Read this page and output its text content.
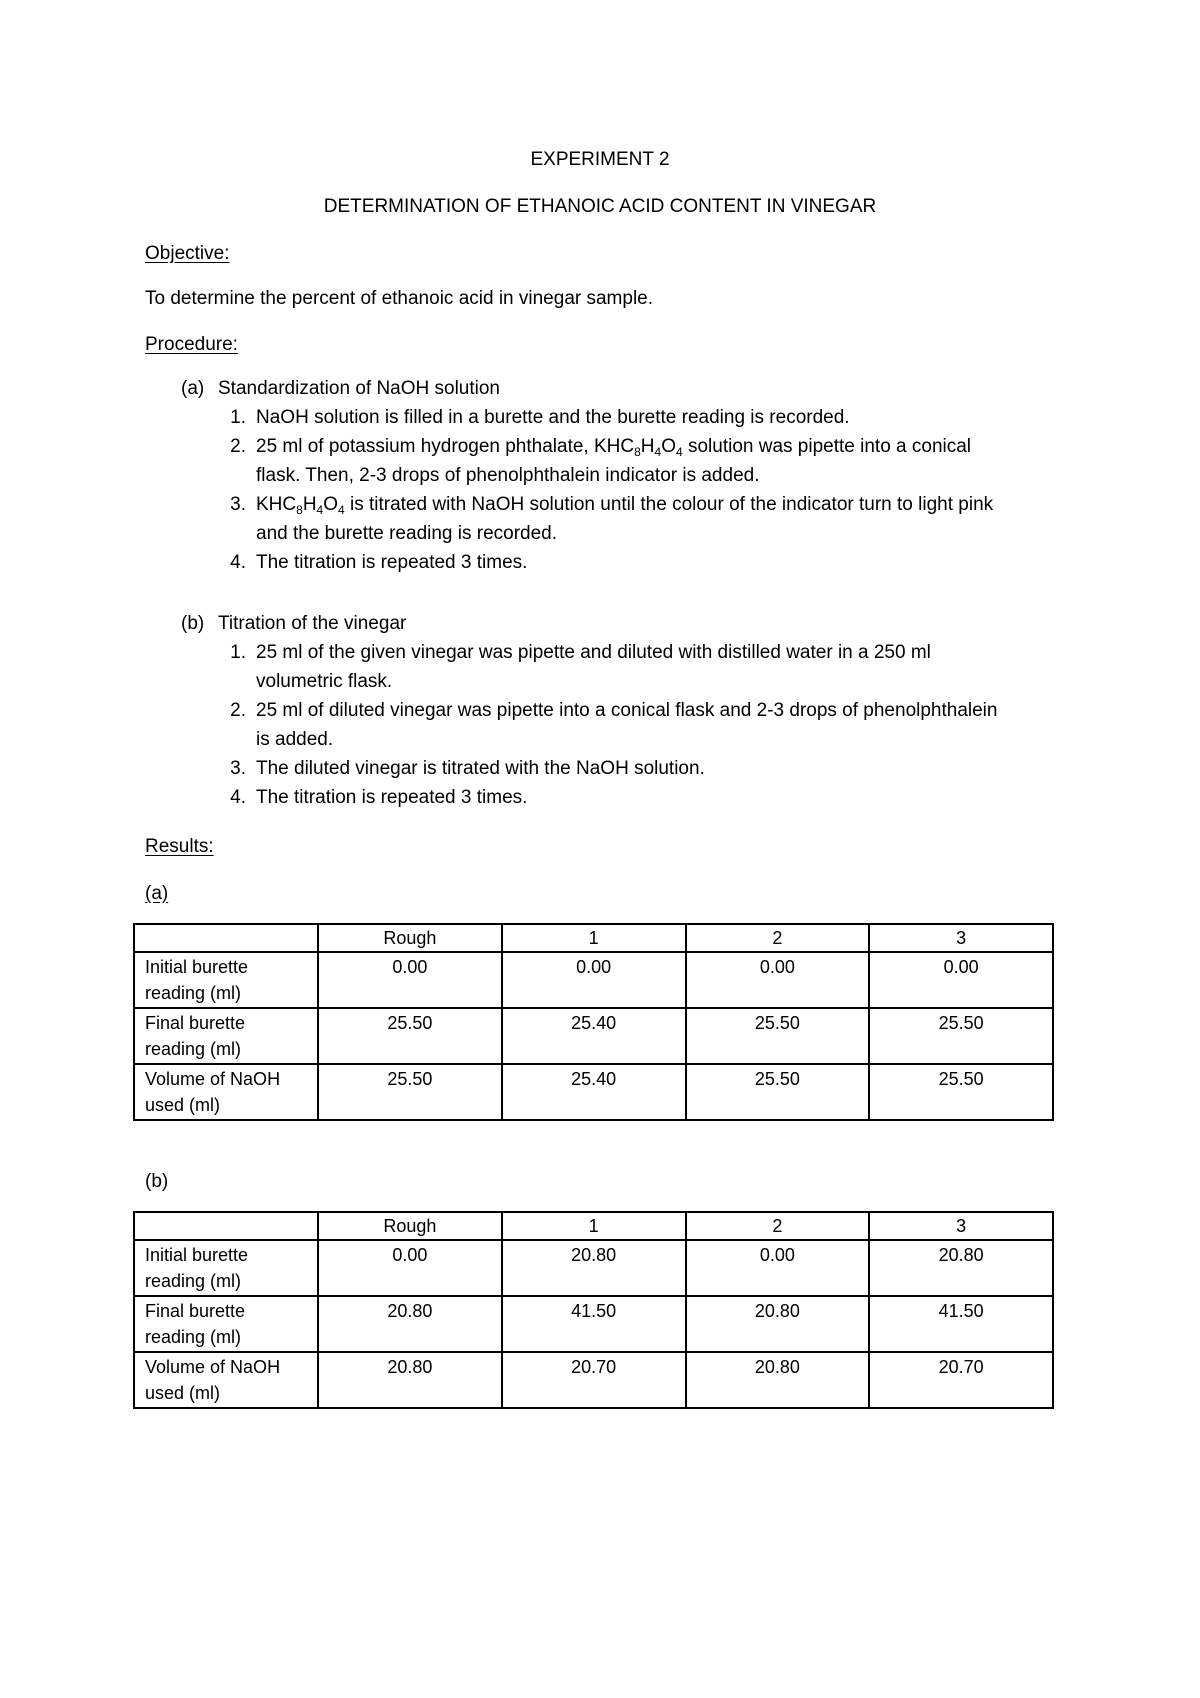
EXPERIMENT 2
DETERMINATION OF ETHANOIC ACID CONTENT IN VINEGAR
Objective:
To determine the percent of ethanoic acid in vinegar sample.
Procedure:
(a) Standardization of NaOH solution
1. NaOH solution is filled in a burette and the burette reading is recorded.
2. 25 ml of potassium hydrogen phthalate, $KHC_8H_4O_4$ solution was pipette into a conical
flask. Then, 2-3 drops of phenolphthalein indicator is added.
3. $KHC_8H_4O_4$ is titrated with NaOH solution until the colour of the indicator turn to light pink
and the burette reading is recorded.
4. The titration is repeated 3 times.
(b) Titration of the vinegar
1. 25 ml of the given vinegar was pipette and diluted with distilled water in a 250 ml
volumetric flask.
2. 25 ml of diluted vinegar was pipette into a conical flask and 2-3 drops of phenolphthalein
is added.
3. The diluted vinegar is titrated with the NaOH solution.
4. The titration is repeated 3 times.
Results:
(a)
	Rough	1	2	3
Initial burette
reading (ml)	0.00	0.00	0.00	0.00
Final burette
reading (ml)	25.50	25.40	25.50	25.50
Volume of NaOH
used (ml)	25.50	25.40	25.50	25.50
(b)
	Rough	1	2	3
Initial burette
reading (ml)	0.00	20.80	0.00	20.80
Final burette
reading (ml)	20.80	41.50	20.80	41.50
Volume of NaOH
used (ml)	20.80	20.70	20.80	20.70
